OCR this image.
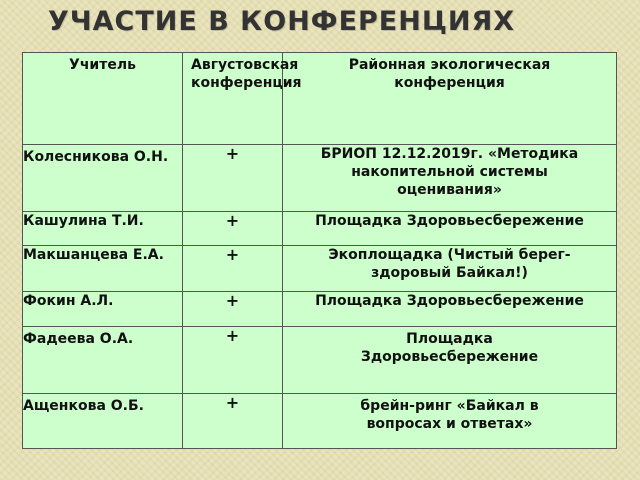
УЧАСТИЕ В КОНФЕРЕНЦИЯХ
Учитель	Августовская конференция	Районная экологическая конференция
Колесникова О.Н.	+	БРИОП 12.12.2019г. «Методика накопительной системы оценивания»
Кашулина Т.И.	+	Площадка Здоровьесбережение
Макшанцева Е.А.	+	Экоплощадка (Чистый берег- здоровый Байкал!)
Фокин А.Л.	+	Площадка Здоровьесбережение
Фадеева О.А.	+	Площадка Здоровьесбережение
Ащенкова О.Б.	+	брейн-ринг «Байкал в вопросах и ответах»
